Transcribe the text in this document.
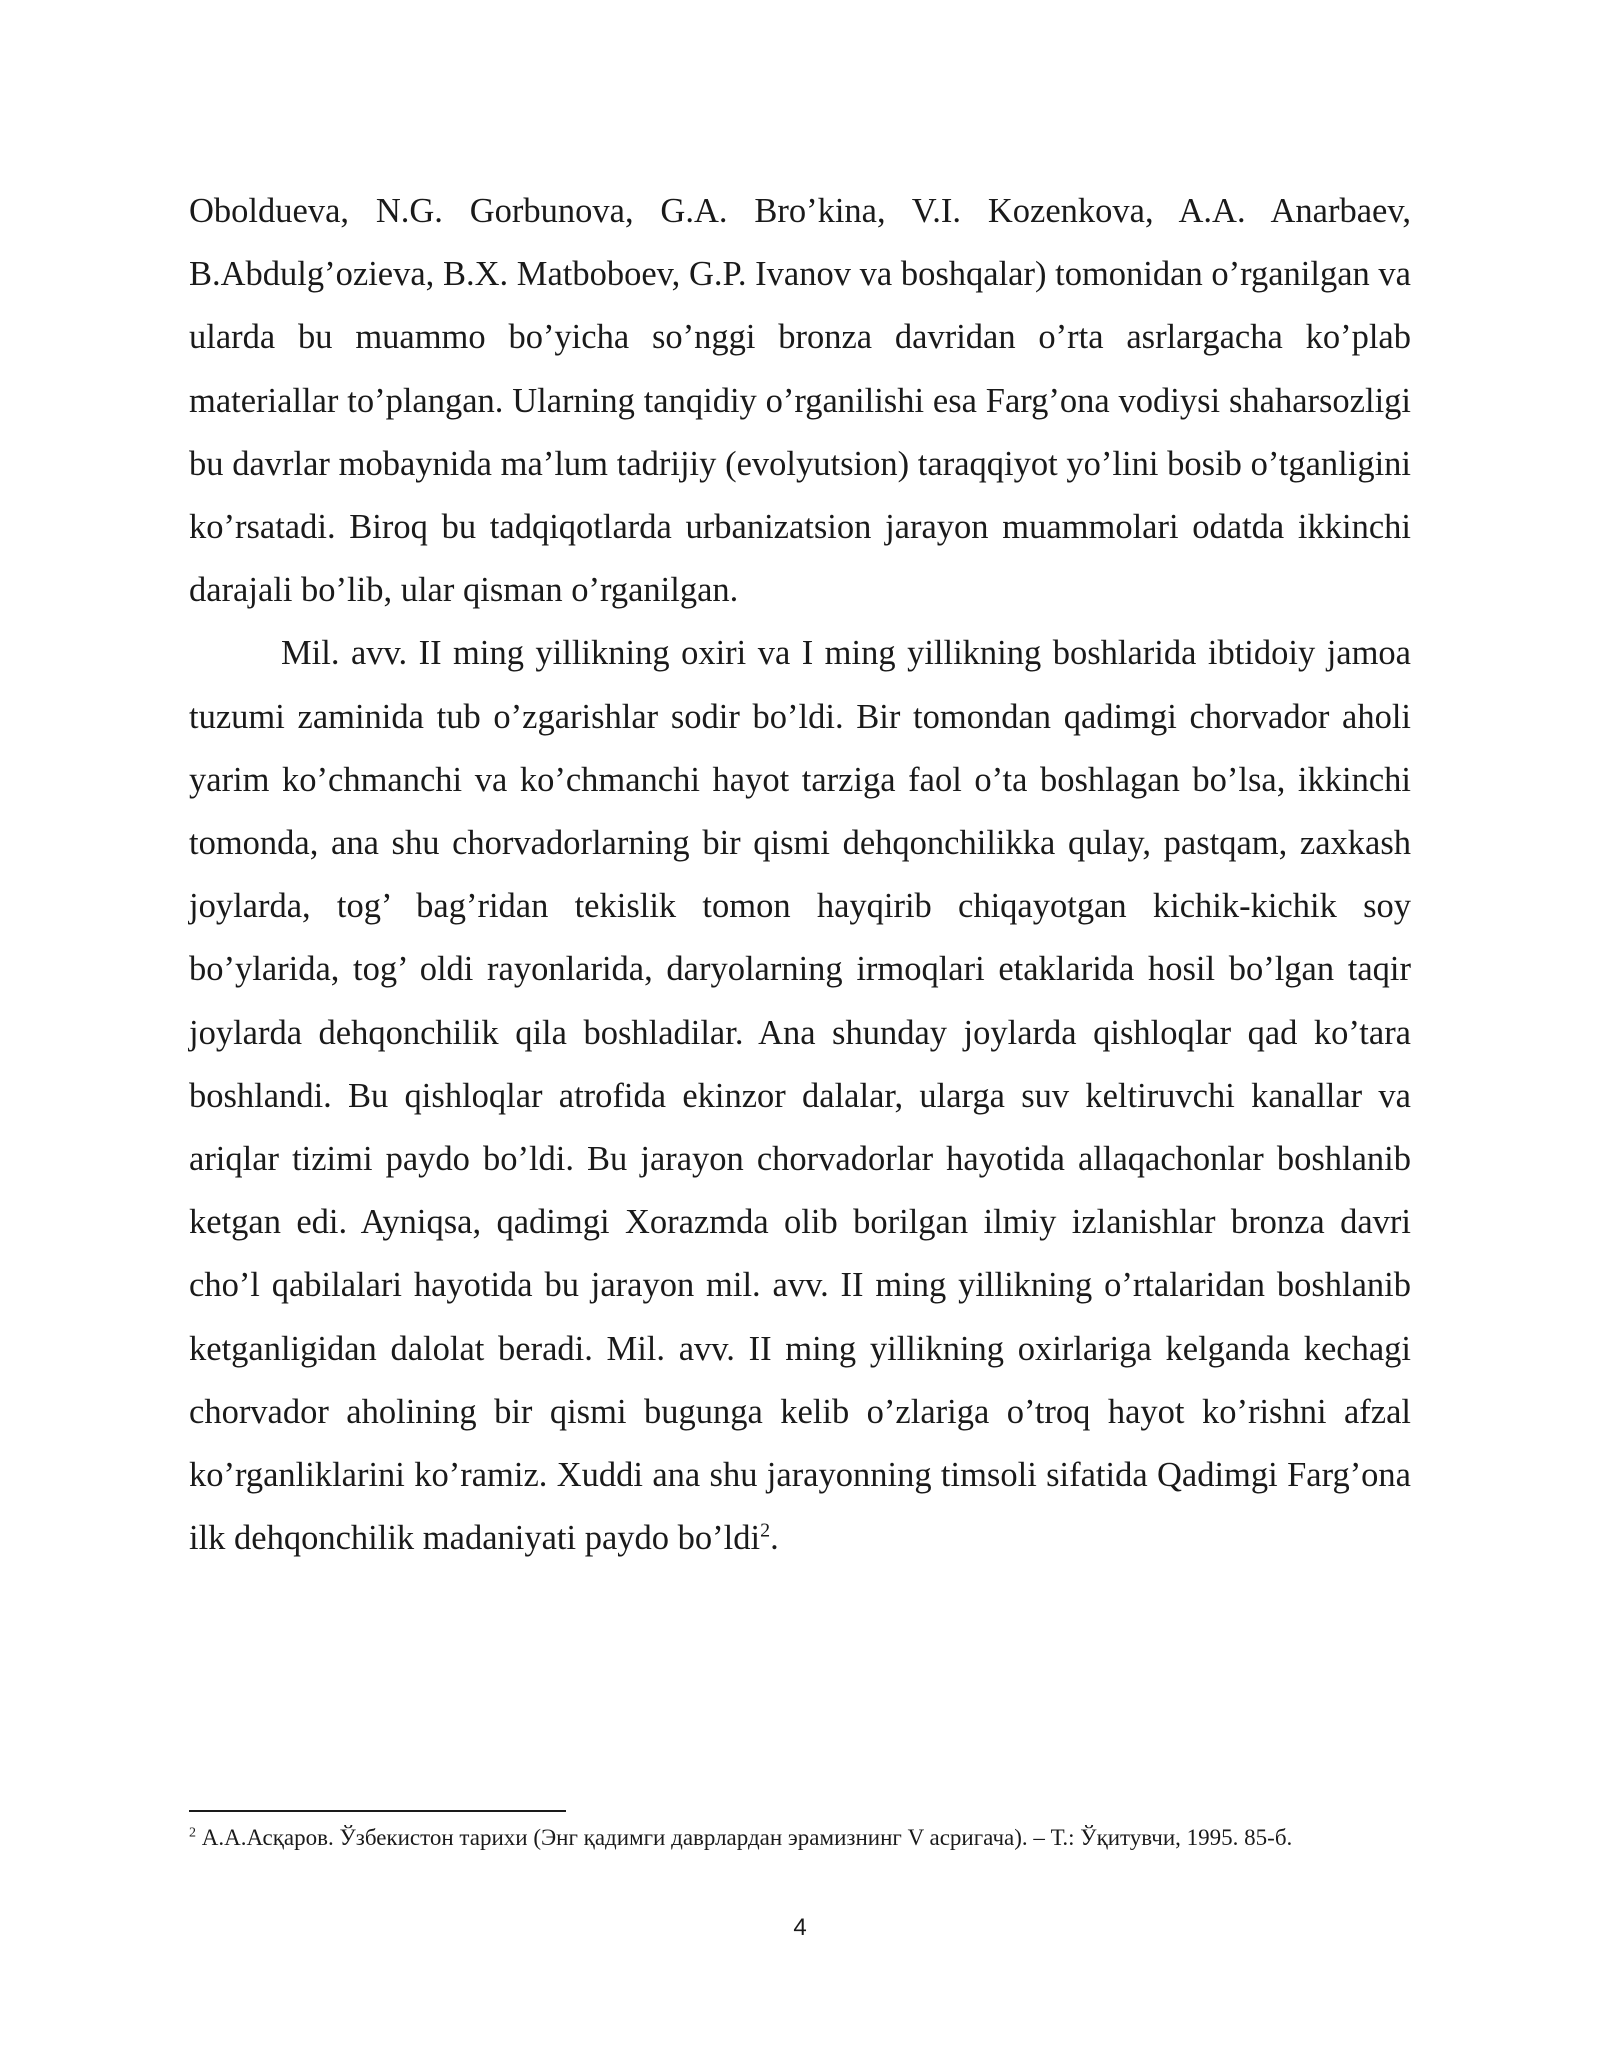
Oboldueva, N.G. Gorbunova, G.A. Bro’kina, V.I. Kozenkova, A.A. Anarbaev, B.Abdulg’ozieva, B.X. Matboboev, G.P. Ivanov va boshqalar) tomonidan o’rganilgan va ularda bu muammo bo’yicha so’nggi bronza davridan o’rta asrlargacha ko’plab materiallar to’plangan. Ularning tanqidiy o’rganilishi esa Farg’ona vodiysi shaharsozligi bu davrlar mobaynida ma’lum tadrijiy (evolyutsion) taraqqiyot yo’lini bosib o’tganligini ko’rsatadi. Biroq bu tadqiqotlarda urbanizatsion jarayon muammolari odatda ikkinchi darajali bo’lib, ular qisman o’rganilgan.

Mil. avv. II ming yillikning oxiri va I ming yillikning boshlarida ibtidoiy jamoa tuzumi zaminida tub o’zgarishlar sodir bo’ldi. Bir tomondan qadimgi chorvador aholi yarim ko’chmanchi va ko’chmanchi hayot tarziga faol o’ta boshlagan bo’lsa, ikkinchi tomonda, ana shu chorvadorlarning bir qismi dehqonchilikka qulay, pastqam, zaxkash joylarda, tog’ bag’ridan tekislik tomon hayqirib chiqayotgan kichik-kichik soy bo’ylarida, tog’ oldi rayonlarida, daryolarning irmoqlari etaklarida hosil bo’lgan taqir joylarda dehqonchilik qila boshladilar. Ana shunday joylarda qishloqlar qad ko’tara boshlandi. Bu qishloqlar atrofida ekinzor dalalar, ularga suv keltiruvchi kanallar va ariqlar tizimi paydo bo’ldi. Bu jarayon chorvadorlar hayotida allaqachonlar boshlanib ketgan edi. Ayniqsa, qadimgi Xorazmda olib borilgan ilmiy izlanishlar bronza davri cho’l qabilalari hayotida bu jarayon mil. avv. II ming yillikning o’rtalaridan boshlanib ketganligidan dalolat beradi. Mil. avv. II ming yillikning oxirlariga kelganda kechagi chorvador aholining bir qismi bugunga kelib o’zlariga o’troq hayot ko’rishni afzal ko’rganliklarini ko’ramiz. Xuddi ana shu jarayonning timsoli sifatida Qadimgi Farg’ona ilk dehqonchilik madaniyati paydo bo’ldi$^2$.

$^2$ А.А.Асқаров. Ўзбекистон тарихи (Энг қадимги даврлардан эрамизнинг V асригача). – Т.: Ўқитувчи, 1995. 85-б.
4
